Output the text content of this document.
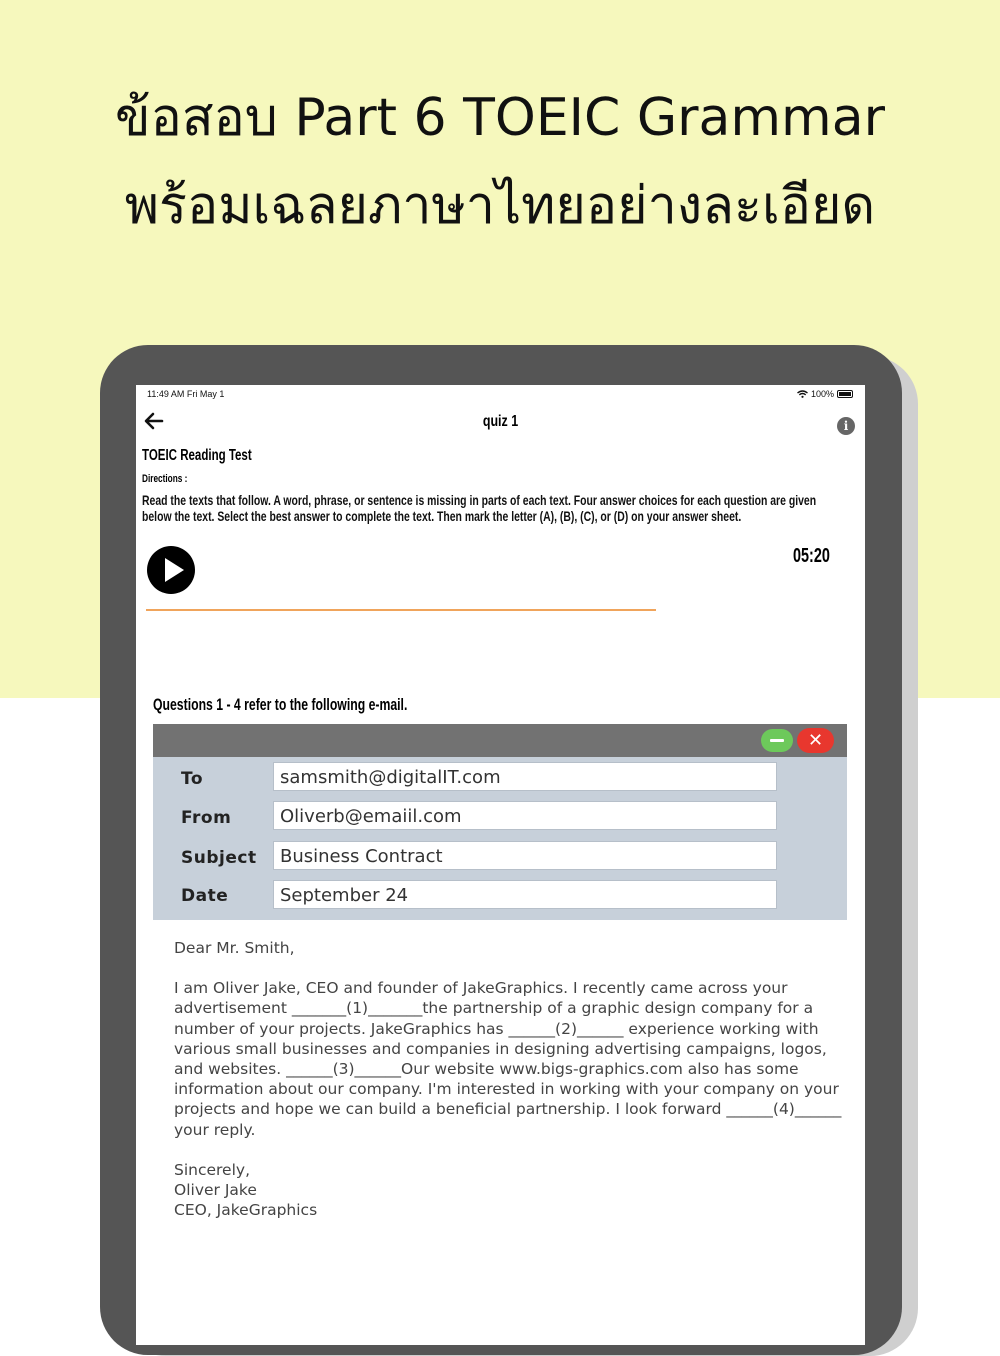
ข้อสอบ Part 6 TOEIC Grammar
พร้อมเฉลยภาษาไทยอย่างละเอียด
11:49 AM Fri May 1	100%
quiz 1	i
TOEIC Reading Test
Directions :
Read the texts that follow. A word, phrase, or sentence is missing in parts of each text. Four answer choices for each question are given below the text. Select the best answer to complete the text. Then mark the letter (A), (B), (C), or (D) on your answer sheet.
05:20
Questions 1 - 4 refer to the following e-mail.
✕
To	samsmith@digitalIT.com
From	Oliverb@emaiil.com
Subject	Business Contract
Date	September 24

Dear Mr. Smith,

I am Oliver Jake, CEO and founder of JakeGraphics. I recently came across your advertisement _______(1)_______the partnership of a graphic design company for a number of your projects. JakeGraphics has ______(2)______ experience working with various small businesses and companies in designing advertising campaigns, logos, and websites. ______(3)______Our website www.bigs-graphics.com also has some information about our company. I'm interested in working with your company on your projects and hope we can build a beneficial partnership. I look forward ______(4)______ your reply.

Sincerely,

Oliver Jake

CEO, JakeGraphics
